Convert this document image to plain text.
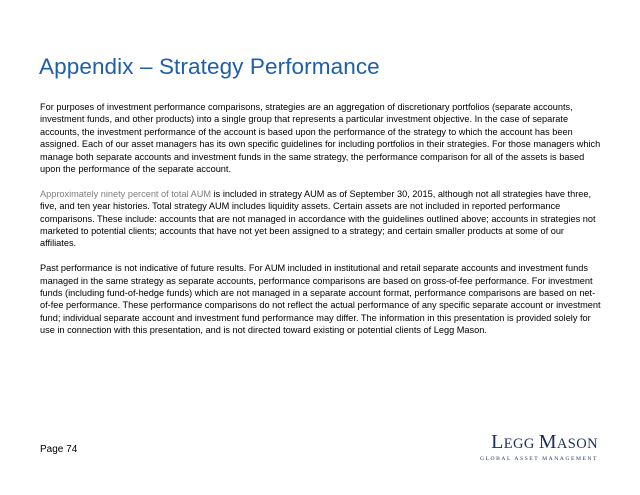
Appendix – Strategy Performance

For purposes of investment performance comparisons, strategies are an aggregation of discretionary portfolios (separate accounts, investment funds, and other products) into a single group that represents a particular investment objective. In the case of separate accounts, the investment performance of the account is based upon the performance of the strategy to which the account has been assigned. Each of our asset managers has its own specific guidelines for including portfolios in their strategies. For those managers which manage both separate accounts and investment funds in the same strategy, the performance comparison for all of the assets is based upon the performance of the separate account.

Approximately ninety percent of total AUM is included in strategy AUM as of September 30, 2015, although not all strategies have three, five, and ten year histories. Total strategy AUM includes liquidity assets. Certain assets are not included in reported performance comparisons. These include: accounts that are not managed in accordance with the guidelines outlined above; accounts in strategies not marketed to potential clients; accounts that have not yet been assigned to a strategy; and certain smaller products at some of our affiliates.

Past performance is not indicative of future results. For AUM included in institutional and retail separate accounts and investment funds managed in the same strategy as separate accounts, performance comparisons are based on gross-of-fee performance. For investment funds (including fund-of-hedge funds) which are not managed in a separate account format, performance comparisons are based on net-of-fee performance. These performance comparisons do not reflect the actual performance of any specific separate account or investment fund; individual separate account and investment fund performance may differ. The information in this presentation is provided solely for use in connection with this presentation, and is not directed toward existing or potential clients of Legg Mason.

Page 74	LEGG MASON
GLOBAL ASSET MANAGEMENT
